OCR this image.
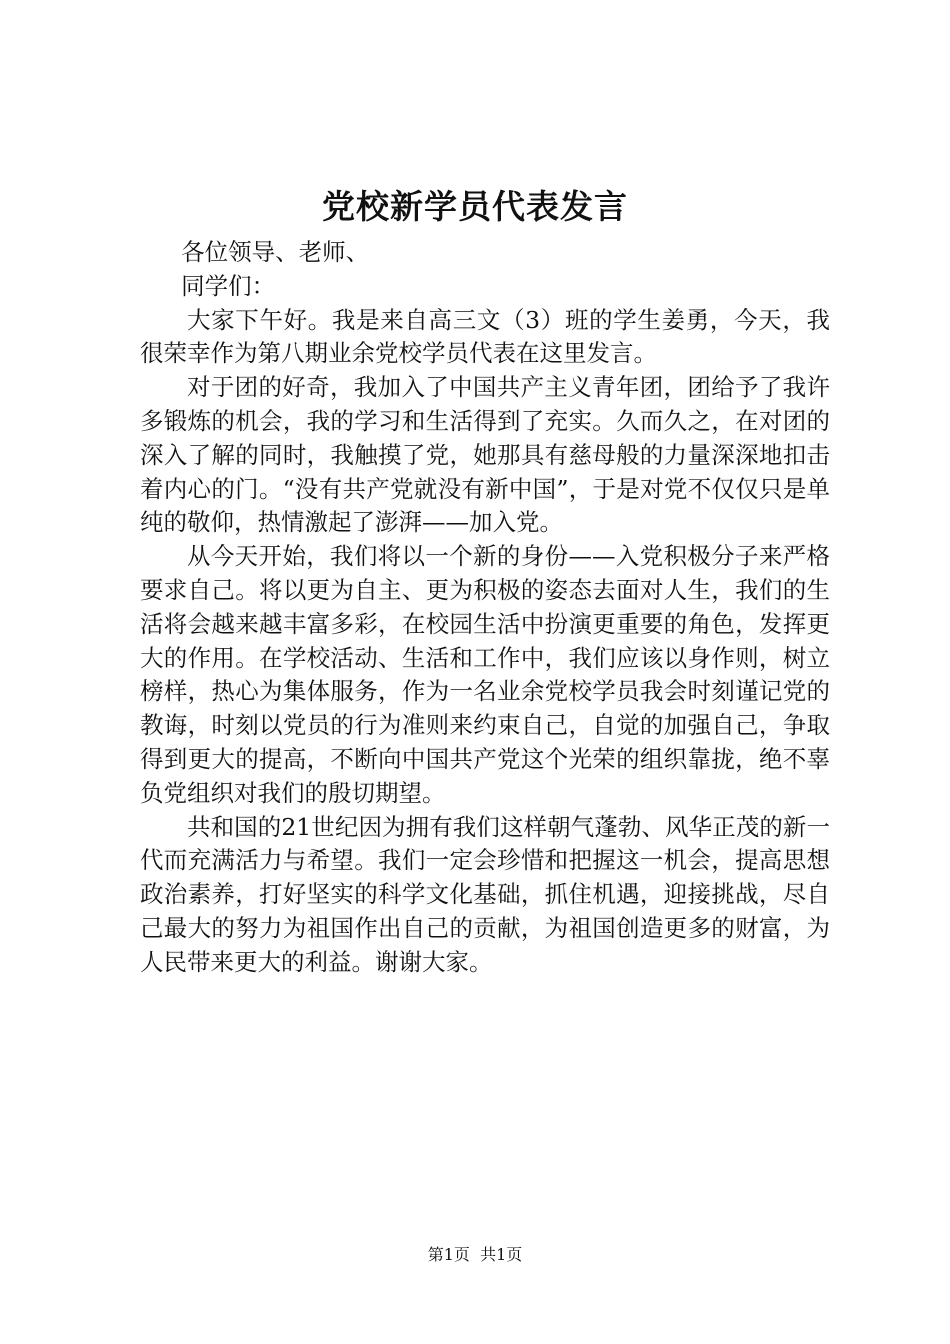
党校新学员代表发言

各位领导、老师、

同学们：

大家下午好。我是来自高三文（3）班的学生姜勇，今天，我很荣幸作为第八期业余党校学员代表在这里发言。

对于团的好奇，我加入了中国共产主义青年团，团给予了我许多锻炼的机会，我的学习和生活得到了充实。久而久之，在对团的深入了解的同时，我触摸了党，她那具有慈母般的力量深深地扣击着内心的门。“没有共产党就没有新中国”，于是对党不仅仅只是单纯的敬仰，热情激起了澎湃——加入党。

从今天开始，我们将以一个新的身份——入党积极分子来严格要求自己。将以更为自主、更为积极的姿态去面对人生，我们的生活将会越来越丰富多彩，在校园生活中扮演更重要的角色，发挥更大的作用。在学校活动、生活和工作中，我们应该以身作则，树立榜样，热心为集体服务，作为一名业余党校学员我会时刻谨记党的教诲，时刻以党员的行为准则来约束自己，自觉的加强自己，争取得到更大的提高，不断向中国共产党这个光荣的组织靠拢，绝不辜负党组织对我们的殷切期望。

共和国的21世纪因为拥有我们这样朝气蓬勃、风华正茂的新一代而充满活力与希望。我们一定会珍惜和把握这一机会，提高思想政治素养，打好坚实的科学文化基础，抓住机遇，迎接挑战，尽自己最大的努力为祖国作出自己的贡献，为祖国创造更多的财富，为人民带来更大的利益。谢谢大家。

第1页  共1页
